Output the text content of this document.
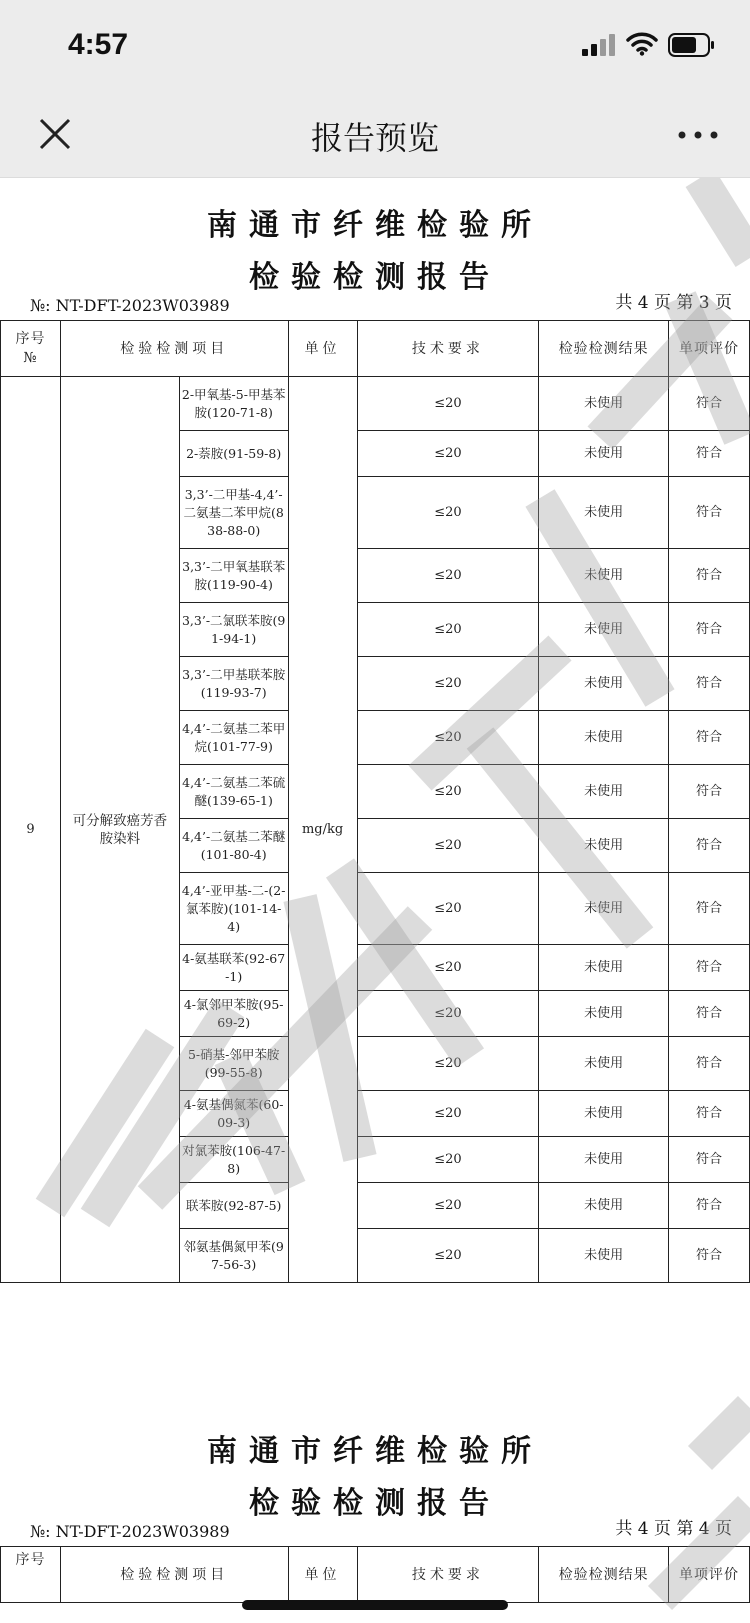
4:57
报告预览
南通市纤维检验所
检验检测报告
№: NT-DFT-2023W03989	共 4 页 第 3 页
序号
№	检验检测项目		单位	技术要求	检验检测结果	单项评价
9	可分解致癌芳香胺染料	2-甲氧基-5-甲基苯胺(120-71-8)	mg/kg	≤20	未使用	符合
		2-萘胺(91-59-8)		≤20	未使用	符合
		3,3’-二甲基-4,4’-二氨基二苯甲烷(838-88-0)		≤20	未使用	符合
		3,3’-二甲氧基联苯胺(119-90-4)		≤20	未使用	符合
		3,3’-二氯联苯胺(91-94-1)		≤20	未使用	符合
		3,3’-二甲基联苯胺(119-93-7)		≤20	未使用	符合
		4,4’-二氨基二苯甲烷(101-77-9)		≤20	未使用	符合
		4,4’-二氨基二苯硫醚(139-65-1)		≤20	未使用	符合
		4,4’-二氨基二苯醚(101-80-4)		≤20	未使用	符合
		4,4’-亚甲基-二-(2-氯苯胺)(101-14-4)		≤20	未使用	符合
		4-氨基联苯(92-67-1)		≤20	未使用	符合
		4-氯邻甲苯胺(95-69-2)		≤20	未使用	符合
		5-硝基-邻甲苯胺(99-55-8)		≤20	未使用	符合
		4-氨基偶氮苯(60-09-3)		≤20	未使用	符合
		对氯苯胺(106-47-8)		≤20	未使用	符合
		联苯胺(92-87-5)		≤20	未使用	符合
		邻氨基偶氮甲苯(97-56-3)		≤20	未使用	符合
南通市纤维检验所
检验检测报告
№: NT-DFT-2023W03989	共 4 页 第 4 页
序号	检验检测项目	单位	技术要求	检验检测结果	单项评价
